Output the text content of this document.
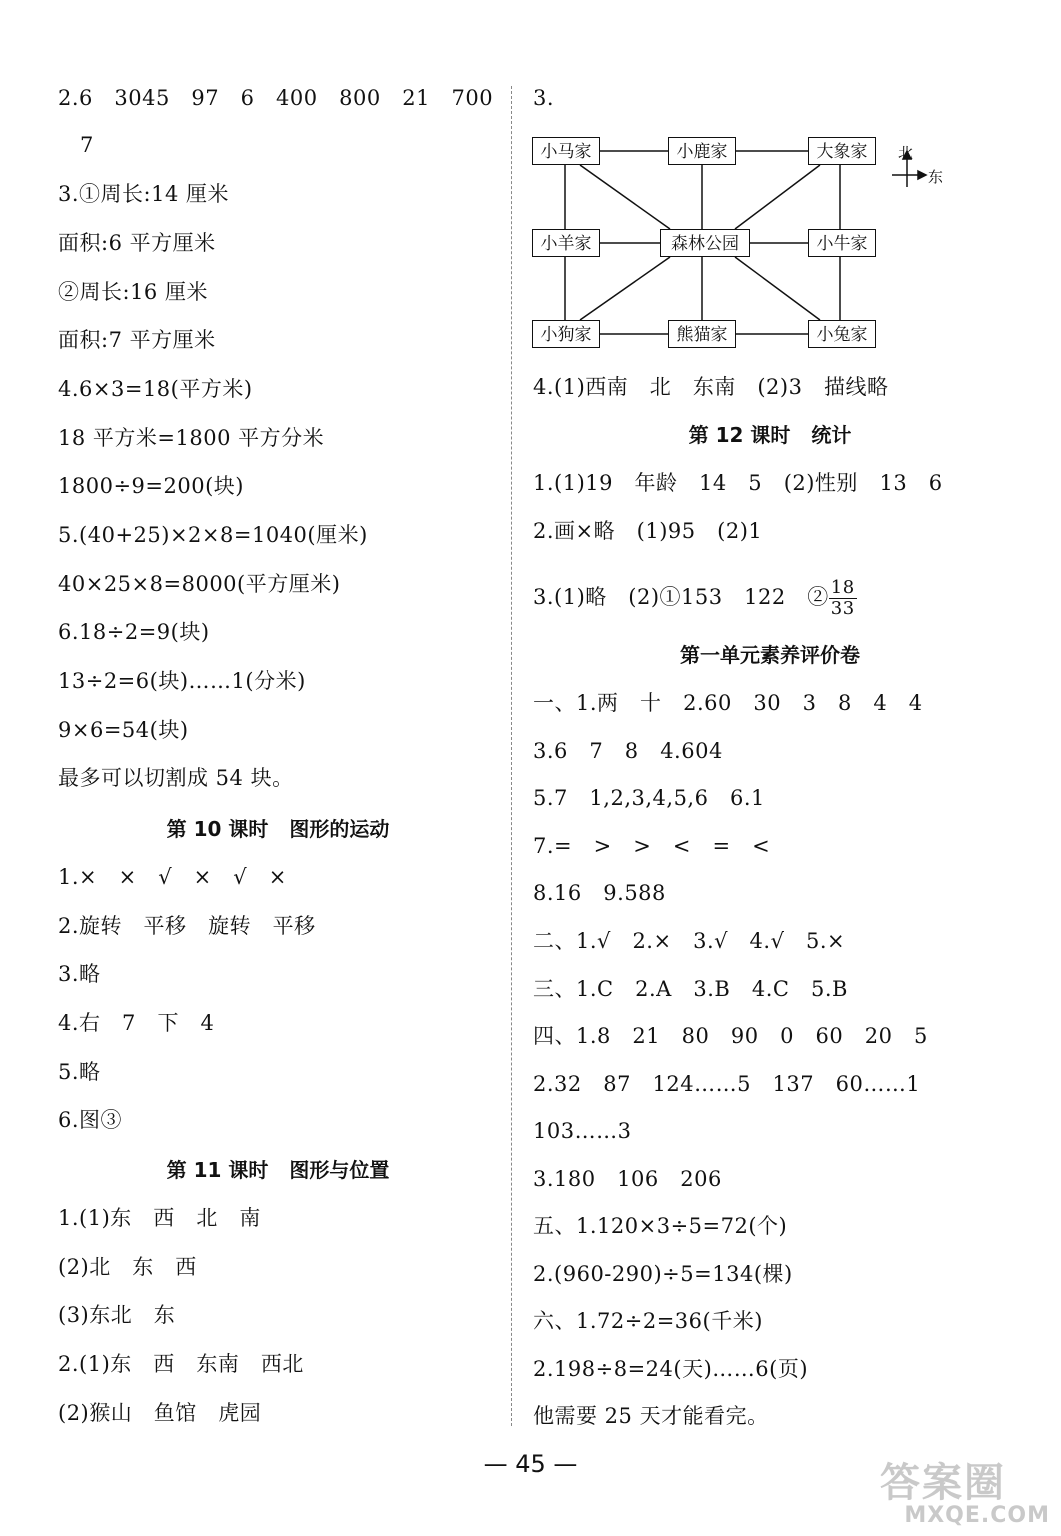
2.6   3045   97   6   400   800   21   700
7
3.①周长:14 厘米
面积:6 平方厘米
②周长:16 厘米
面积:7 平方厘米
4.6×3=18(平方米)
18 平方米=1800 平方分米
1800÷9=200(块)
5.(40+25)×2×8=1040(厘米)
40×25×8=8000(平方厘米)
6.18÷2=9(块)
13÷2=6(块)……1(分米)
9×6=54(块)
最多可以切割成 54 块。
第 10 课时   图形的运动
1.×   ×   √   ×   √   ×
2.旋转   平移   旋转   平移
3.略
4.右   7   下   4
5.略
6.图③
第 11 课时   图形与位置
1.(1)东   西   北   南
(2)北   东   西
(3)东北   东
2.(1)东   西   东南   西北
(2)猴山   鱼馆   虎园
3.
北
东
小马家	小鹿家	大象家
小羊家	森林公园	小牛家
小狗家	熊猫家	小兔家
4.(1)西南   北   东南   (2)3   描线略
第 12 课时   统计
1.(1)19   年龄   14   5   (2)性别   13   6
2.画×略   (1)95   (2)1
3.(1)略   (2)①153   122   ② $\frac{18}{33}$
第一单元素养评价卷
一、1.两   十   2.60   30   3   8   4   4
3.6   7   8   4.604
5.7   1,2,3,4,5,6   6.1
7.=   >   >   <   =   <
8.16   9.588
二、1.√   2.×   3.√   4.√   5.×
三、1.C   2.A   3.B   4.C   5.B
四、1.8   21   80   90   0   60   20   5
2.32   87   124……5   137   60……1
103……3
3.180   106   206
五、1.120×3÷5=72(个)
2.(960-290)÷5=134(棵)
六、1.72÷2=36(千米)
2.198÷8=24(天)……6(页)
他需要 25 天才能看完。
— 45 —	答案圈
MXQE.COM
